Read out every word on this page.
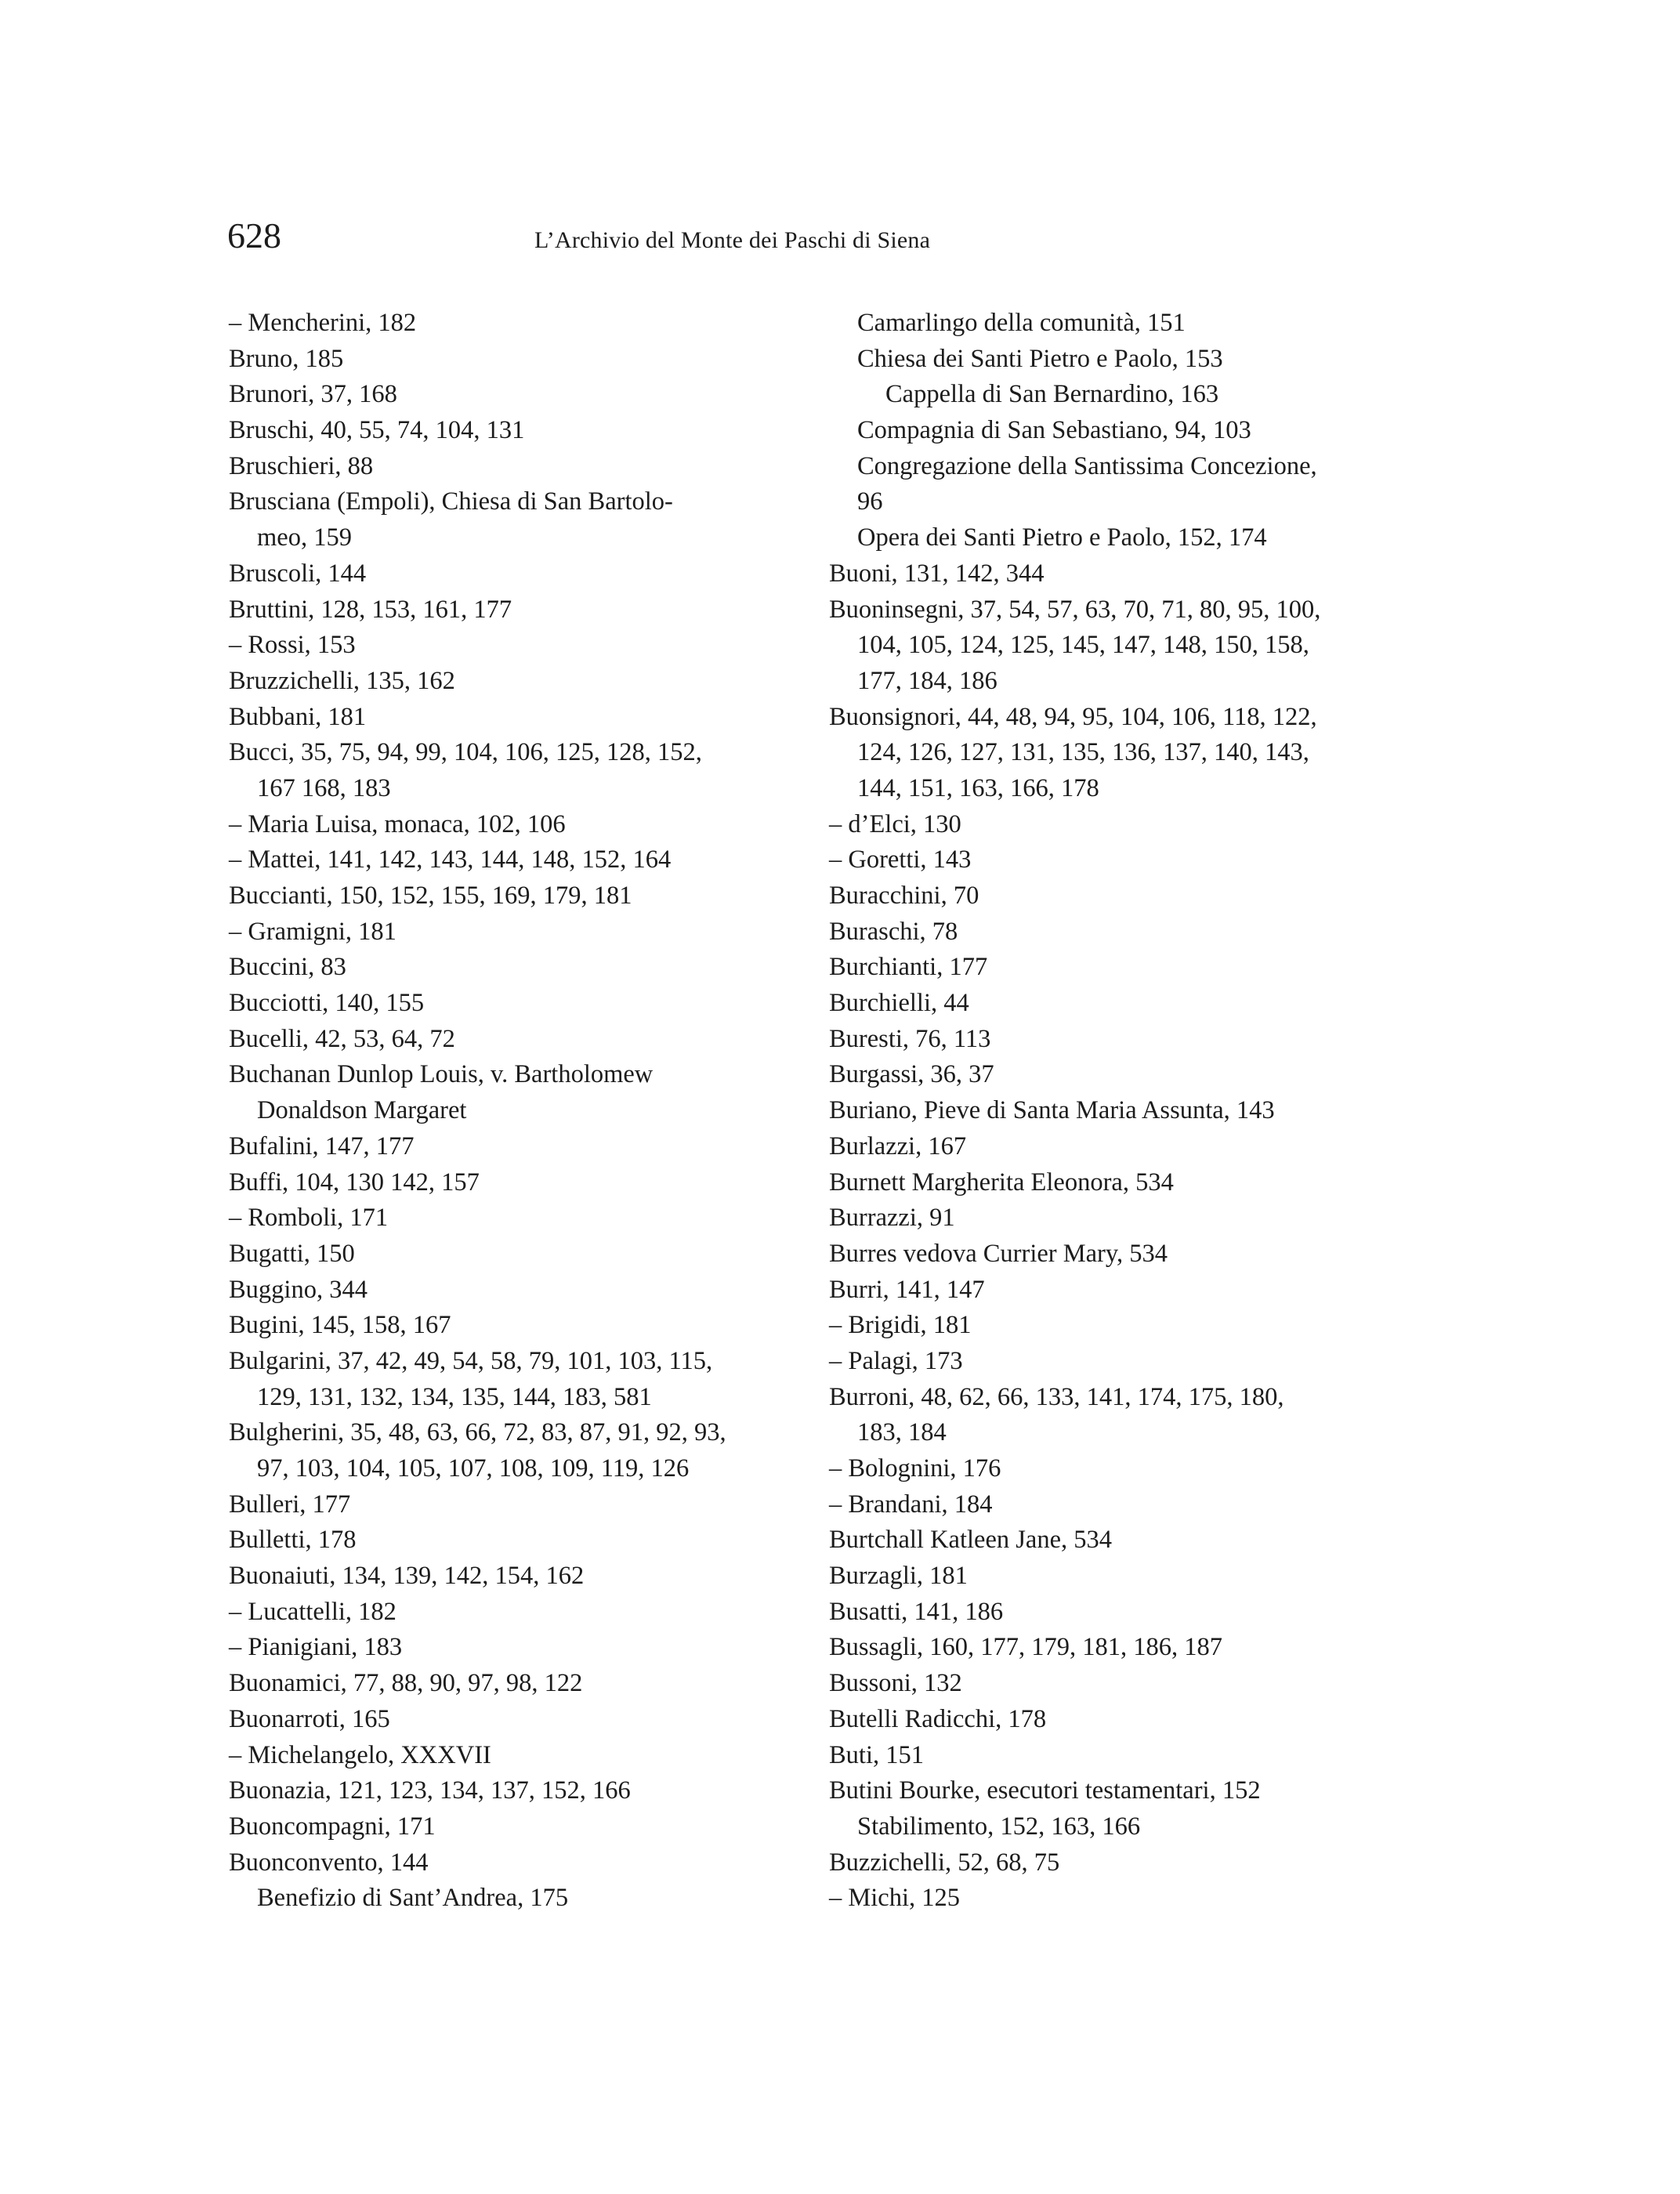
628	L’Archivio del Monte dei Paschi di Siena
– Mencherini, 182
Bruno, 185
Brunori, 37, 168
Bruschi, 40, 55, 74, 104, 131
Bruschieri, 88
Brusciana (Empoli), Chiesa di San Bartolo-
meo, 159
Bruscoli, 144
Bruttini, 128, 153, 161, 177
– Rossi, 153
Bruzzichelli, 135, 162
Bubbani, 181
Bucci, 35, 75, 94, 99, 104, 106, 125, 128, 152,
167 168, 183
– Maria Luisa, monaca, 102, 106
– Mattei, 141, 142, 143, 144, 148, 152, 164
Buccianti, 150, 152, 155, 169, 179, 181
– Gramigni, 181
Buccini, 83
Bucciotti, 140, 155
Bucelli, 42, 53, 64, 72
Buchanan Dunlop Louis, v. Bartholomew
Donaldson Margaret
Bufalini, 147, 177
Buffi, 104, 130 142, 157
– Romboli, 171
Bugatti, 150
Buggino, 344
Bugini, 145, 158, 167
Bulgarini, 37, 42, 49, 54, 58, 79, 101, 103, 115,
129, 131, 132, 134, 135, 144, 183, 581
Bulgherini, 35, 48, 63, 66, 72, 83, 87, 91, 92, 93,
97, 103, 104, 105, 107, 108, 109, 119, 126
Bulleri, 177
Bulletti, 178
Buonaiuti, 134, 139, 142, 154, 162
– Lucattelli, 182
– Pianigiani, 183
Buonamici, 77, 88, 90, 97, 98, 122
Buonarroti, 165
– Michelangelo, XXXVII
Buonazia, 121, 123, 134, 137, 152, 166
Buoncompagni, 171
Buonconvento, 144
Benefizio di Sant’Andrea, 175
Camarlingo della comunità, 151
Chiesa dei Santi Pietro e Paolo, 153
Cappella di San Bernardino, 163
Compagnia di San Sebastiano, 94, 103
Congregazione della Santissima Concezione,
96
Opera dei Santi Pietro e Paolo, 152, 174
Buoni, 131, 142, 344
Buoninsegni, 37, 54, 57, 63, 70, 71, 80, 95, 100,
104, 105, 124, 125, 145, 147, 148, 150, 158,
177, 184, 186
Buonsignori, 44, 48, 94, 95, 104, 106, 118, 122,
124, 126, 127, 131, 135, 136, 137, 140, 143,
144, 151, 163, 166, 178
– d’Elci, 130
– Goretti, 143
Buracchini, 70
Buraschi, 78
Burchianti, 177
Burchielli, 44
Buresti, 76, 113
Burgassi, 36, 37
Buriano, Pieve di Santa Maria Assunta, 143
Burlazzi, 167
Burnett Margherita Eleonora, 534
Burrazzi, 91
Burres vedova Currier Mary, 534
Burri, 141, 147
– Brigidi, 181
– Palagi, 173
Burroni, 48, 62, 66, 133, 141, 174, 175, 180,
183, 184
– Bolognini, 176
– Brandani, 184
Burtchall Katleen Jane, 534
Burzagli, 181
Busatti, 141, 186
Bussagli, 160, 177, 179, 181, 186, 187
Bussoni, 132
Butelli Radicchi, 178
Buti, 151
Butini Bourke, esecutori testamentari, 152
Stabilimento, 152, 163, 166
Buzzichelli, 52, 68, 75
– Michi, 125
